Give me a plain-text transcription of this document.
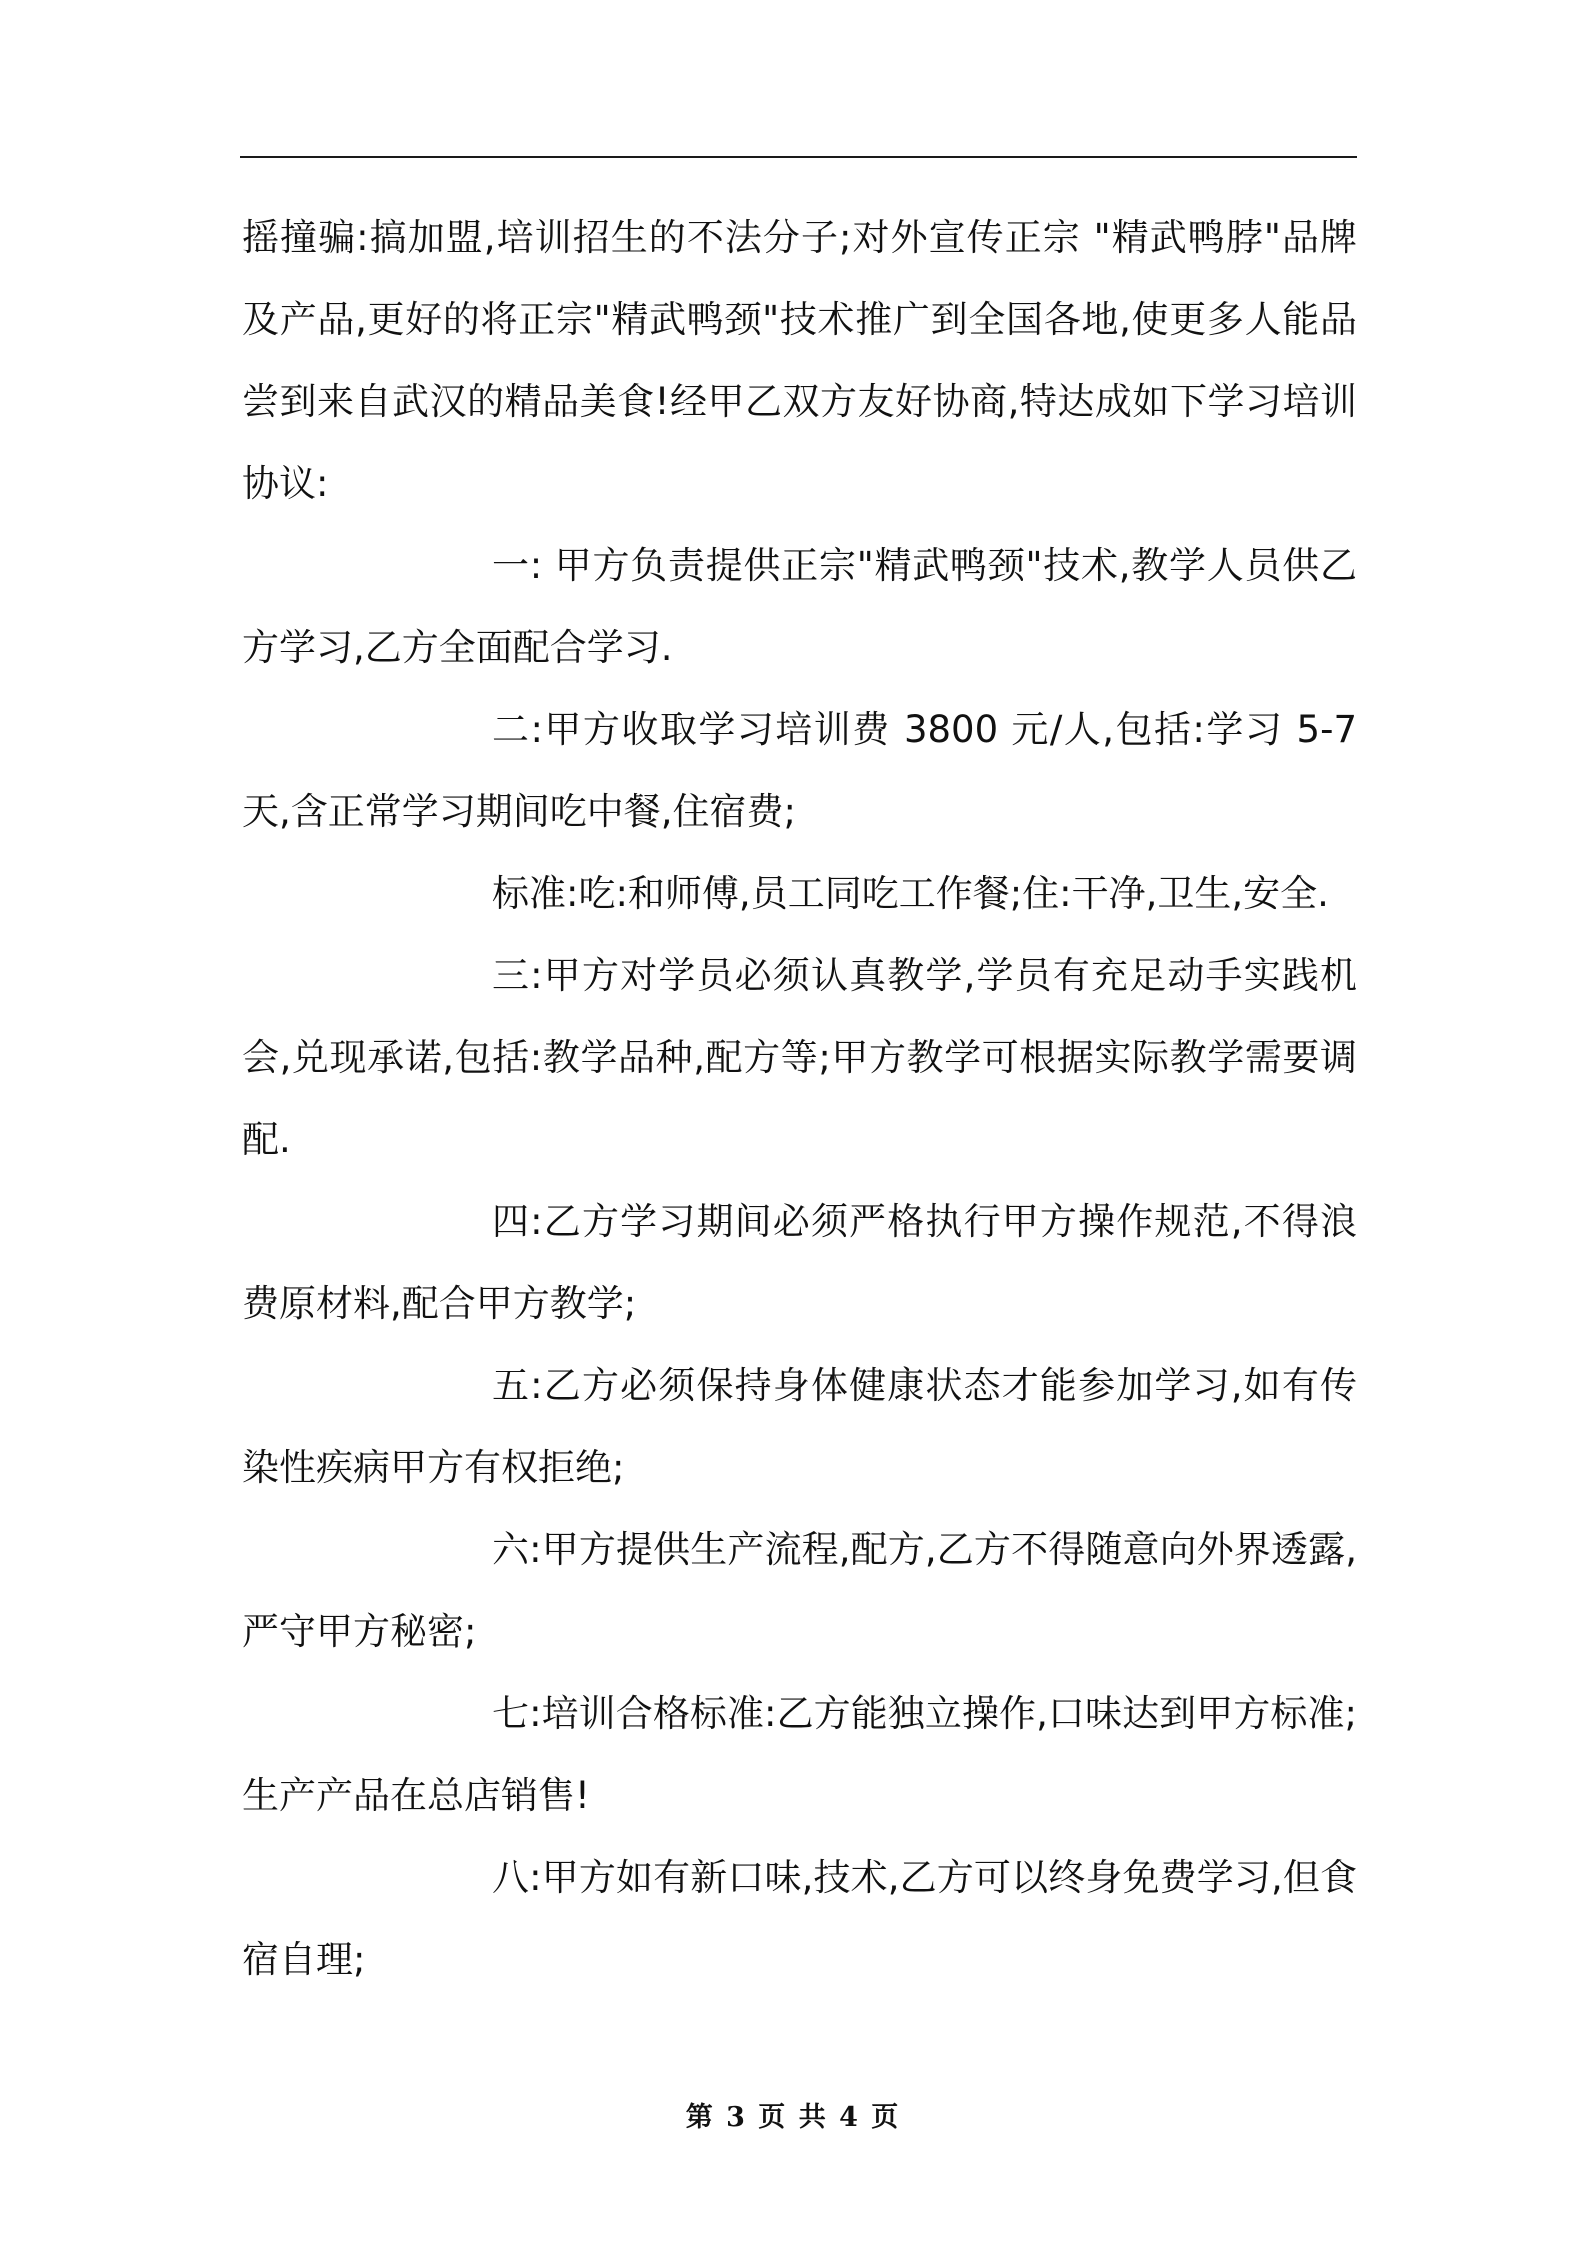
摇撞骗:搞加盟,培训招生的不法分子;对外宣传正宗 "精武鸭脖"品牌及产品,更好的将正宗"精武鸭颈"技术推广到全国各地,使更多人能品尝到来自武汉的精品美食!经甲乙双方友好协商,特达成如下学习培训协议:

一: 甲方负责提供正宗"精武鸭颈"技术,教学人员供乙方学习,乙方全面配合学习.

二:甲方收取学习培训费 3800 元/人,包括:学习 5-7天,含正常学习期间吃中餐,住宿费;

标准:吃:和师傅,员工同吃工作餐;住:干净,卫生,安全.

三:甲方对学员必须认真教学,学员有充足动手实践机会,兑现承诺,包括:教学品种,配方等;甲方教学可根据实际教学需要调配.

四:乙方学习期间必须严格执行甲方操作规范,不得浪费原材料,配合甲方教学;

五:乙方必须保持身体健康状态才能参加学习,如有传染性疾病甲方有权拒绝;

六:甲方提供生产流程,配方,乙方不得随意向外界透露,严守甲方秘密;

七:培训合格标准:乙方能独立操作,口味达到甲方标准;生产产品在总店销售!

八:甲方如有新口味,技术,乙方可以终身免费学习,但食宿自理;

第 3 页 共 4 页
